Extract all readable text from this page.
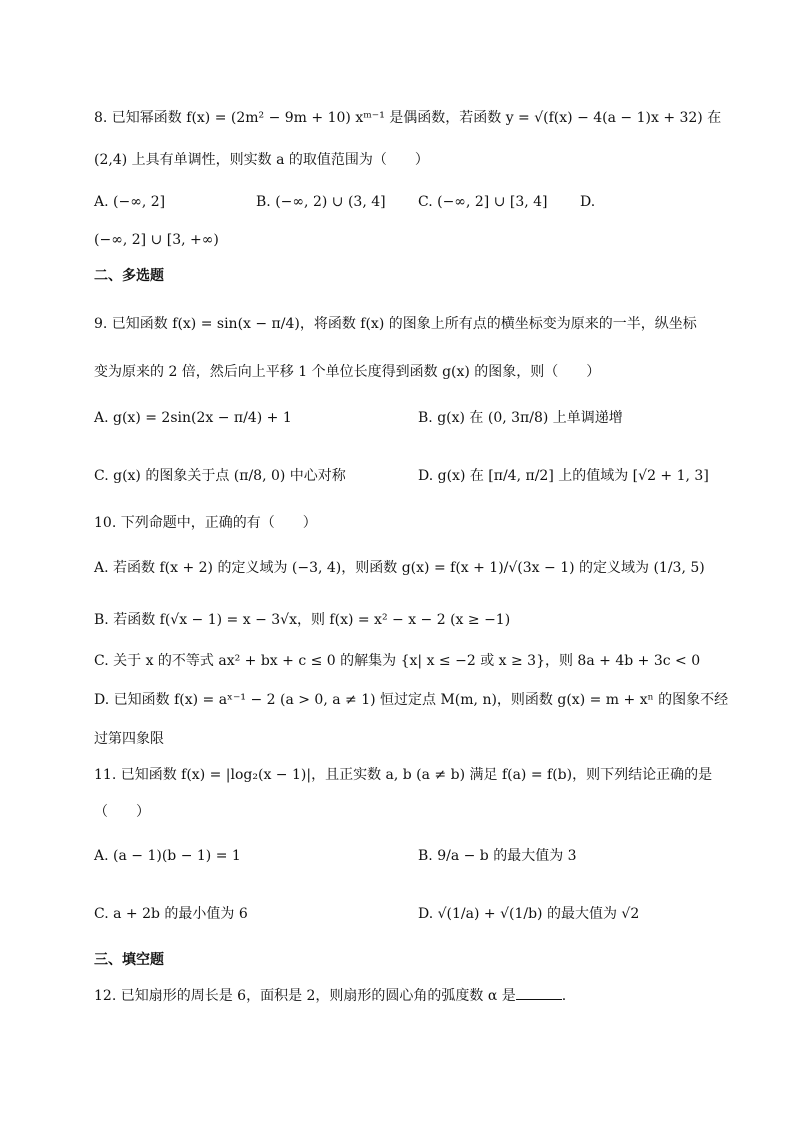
8. 已知幂函数 f(x) = (2m² − 9m + 10) xᵐ⁻¹ 是偶函数，若函数 y = √(f(x) − 4(a − 1)x + 32) 在
(2,4) 上具有单调性，则实数 a 的取值范围为（　　）
A. (−∞, 2]	B. (−∞, 2) ∪ (3, 4] C. (−∞, 2] ∪ [3, 4] D.
(−∞, 2] ∪ [3, +∞)
二、多选题
9. 已知函数 f(x) = sin(x − π/4)，将函数 f(x) 的图象上所有点的横坐标变为原来的一半，纵坐标
变为原来的 2 倍，然后向上平移 1 个单位长度得到函数 g(x) 的图象，则（　　）
A. g(x) = 2sin(2x − π/4) + 1	B. g(x) 在 (0, 3π/8) 上单调递增
C. g(x) 的图象关于点 (π/8, 0) 中心对称	D. g(x) 在 [π/4, π/2] 上的值域为 [√2 + 1, 3]
10. 下列命题中，正确的有（　　）
A. 若函数 f(x + 2) 的定义域为 (−3, 4)，则函数 g(x) = f(x + 1)/√(3x − 1) 的定义域为 (1/3, 5)
B. 若函数 f(√x − 1) = x − 3√x，则 f(x) = x² − x − 2 (x ≥ −1)
C. 关于 x 的不等式 ax² + bx + c ≤ 0 的解集为 {x| x ≤ −2 或 x ≥ 3}，则 8a + 4b + 3c < 0
D. 已知函数 f(x) = aˣ⁻¹ − 2 (a > 0, a ≠ 1) 恒过定点 M(m, n)，则函数 g(x) = m + xⁿ 的图象不经
过第四象限
11. 已知函数 f(x) = |log₂(x − 1)|，且正实数 a, b (a ≠ b) 满足 f(a) = f(b)，则下列结论正确的是
（　　）
A. (a − 1)(b − 1) = 1	B. 9/a − b 的最大值为 3
C. a + 2b 的最小值为 6	D. √(1/a) + √(1/b) 的最大值为 √2
三、填空题
12. 已知扇形的周长是 6，面积是 2，则扇形的圆心角的弧度数 α 是	.
